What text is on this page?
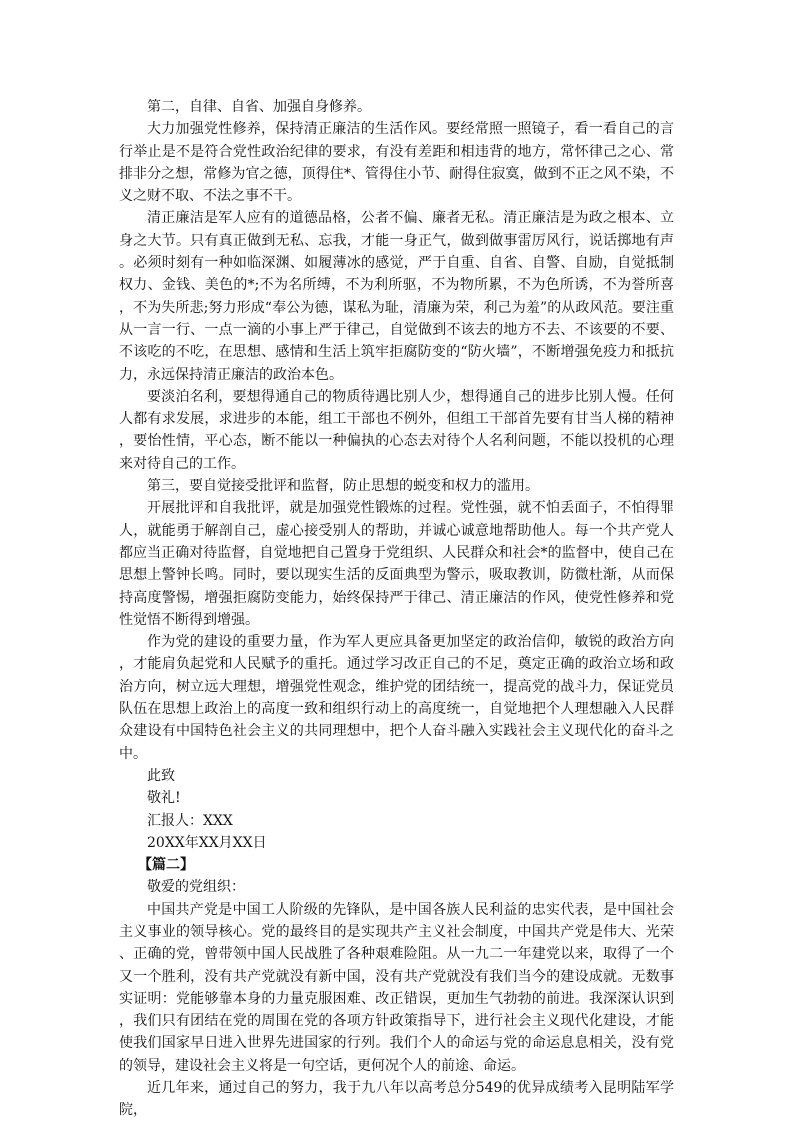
第二，自律、自省、加强自身修养。

大力加强党性修养，保持清正廉洁的生活作风。要经常照一照镜子，看一看自己的言行举止是不是符合党性政治纪律的要求，有没有差距和相违背的地方，常怀律己之心、常排非分之想，常修为官之德，顶得住*、管得住小节、耐得住寂寞，做到不正之风不染，不义之财不取、不法之事不干。

清正廉洁是军人应有的道德品格，公者不偏、廉者无私。清正廉洁是为政之根本、立身之大节。只有真正做到无私、忘我，才能一身正气，做到做事雷厉风行，说话掷地有声。必须时刻有一种如临深渊、如履薄冰的感觉，严于自重、自省、自警、自励，自觉抵制权力、金钱、美色的*;不为名所缚，不为利所驱，不为物所累，不为色所诱，不为誉所喜，不为失所悲;努力形成“奉公为德，谋私为耻，清廉为荣，利己为羞”的从政风范。要注重从一言一行、一点一滴的小事上严于律己，自觉做到不该去的地方不去、不该要的不要、不该吃的不吃，在思想、感情和生活上筑牢拒腐防变的“防火墙”，不断增强免疫力和抵抗力，永远保持清正廉洁的政治本色。

要淡泊名利，要想得通自己的物质待遇比别人少，想得通自己的进步比别人慢。任何人都有求发展，求进步的本能，组工干部也不例外，但组工干部首先要有甘当人梯的精神，要怡性情，平心态，断不能以一种偏执的心态去对待个人名利问题，不能以投机的心理来对待自己的工作。

第三，要自觉接受批评和监督，防止思想的蜕变和权力的滥用。

开展批评和自我批评，就是加强党性锻炼的过程。党性强，就不怕丢面子，不怕得罪人，就能勇于解剖自己，虚心接受别人的帮助，并诚心诚意地帮助他人。每一个共产党人都应当正确对待监督，自觉地把自己置身于党组织、人民群众和社会*的监督中，使自己在思想上警钟长鸣。同时，要以现实生活的反面典型为警示，吸取教训，防微杜渐，从而保持高度警惕，增强拒腐防变能力，始终保持严于律己、清正廉洁的作风，使党性修养和党性觉悟不断得到增强。

作为党的建设的重要力量，作为军人更应具备更加坚定的政治信仰，敏锐的政治方向，才能肩负起党和人民赋予的重托。通过学习改正自己的不足，奠定正确的政治立场和政治方向，树立远大理想，增强党性观念，维护党的团结统一，提高党的战斗力，保证党员队伍在思想上政治上的高度一致和组织行动上的高度统一，自觉地把个人理想融入人民群众建设有中国特色社会主义的共同理想中，把个人奋斗融入实践社会主义现代化的奋斗之中。

此致

敬礼!

汇报人：XXX

20XX年XX月XX日

【篇二】

敬爱的党组织：

中国共产党是中国工人阶级的先锋队，是中国各族人民利益的忠实代表，是中国社会主义事业的领导核心。党的最终目的是实现共产主义社会制度，中国共产党是伟大、光荣、正确的党，曾带领中国人民战胜了各种艰难险阻。从一九二一年建党以来，取得了一个又一个胜利，没有共产党就没有新中国，没有共产党就没有我们当今的建设成就。无数事实证明：党能够靠本身的力量克服困难、改正错误，更加生气勃勃的前进。我深深认识到，我们只有团结在党的周围在党的各项方针政策指导下，进行社会主义现代化建设，才能使我们国家早日进入世界先进国家的行列。我们个人的命运与党的命运息息相关，没有党的领导，建设社会主义将是一句空话，更何况个人的前途、命运。

近几年来，通过自己的努力，我于九八年以高考总分549的优异成绩考入昆明陆军学院，
